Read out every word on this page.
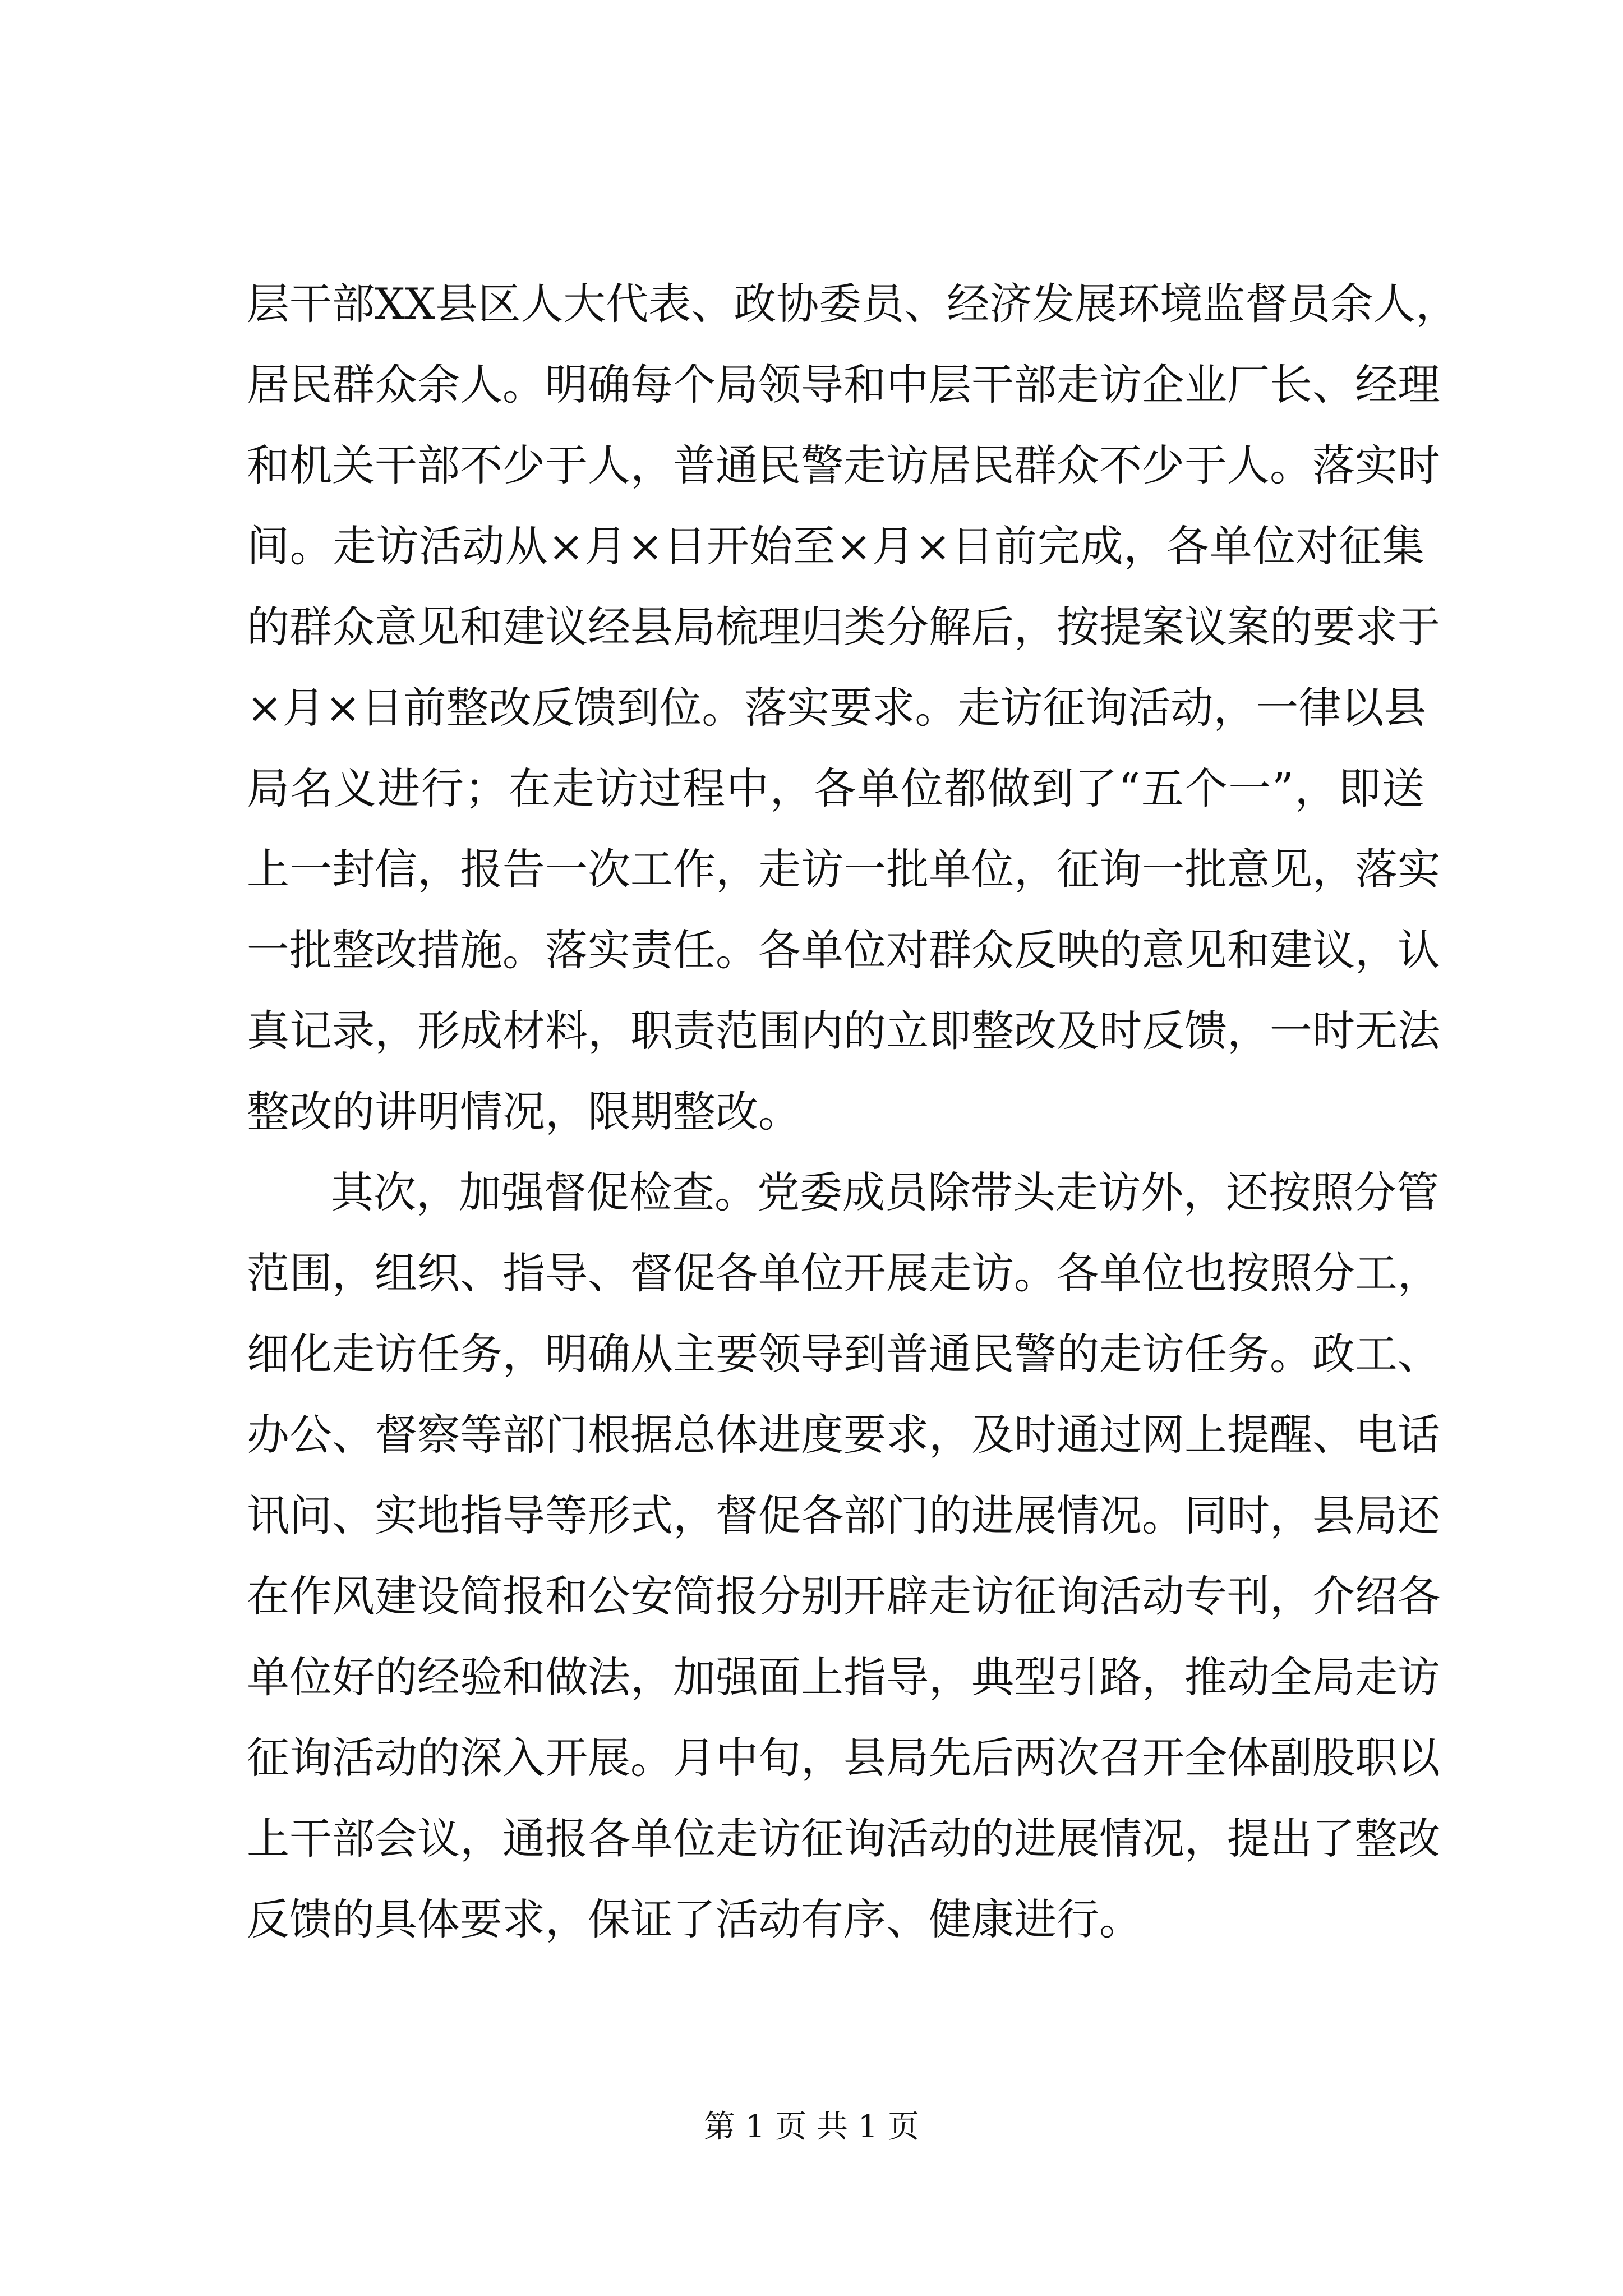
层干部XX县区人大代表、政协委员、经济发展环境监督员余人，
居民群众余人。明确每个局领导和中层干部走访企业厂长、经理
和机关干部不少于人，普通民警走访居民群众不少于人。落实时
间。走访活动从×月×日开始至×月×日前完成，各单位对征集
的群众意见和建议经县局梳理归类分解后，按提案议案的要求于
×月×日前整改反馈到位。落实要求。走访征询活动，一律以县
局名义进行；在走访过程中，各单位都做到了“五个一”，即送
上一封信，报告一次工作，走访一批单位，征询一批意见，落实
一批整改措施。落实责任。各单位对群众反映的意见和建议，认
真记录，形成材料，职责范围内的立即整改及时反馈，一时无法
整改的讲明情况，限期整改。

其次，加强督促检查。党委成员除带头走访外，还按照分管
范围，组织、指导、督促各单位开展走访。各单位也按照分工，
细化走访任务，明确从主要领导到普通民警的走访任务。政工、
办公、督察等部门根据总体进度要求，及时通过网上提醒、电话
讯问、实地指导等形式，督促各部门的进展情况。同时，县局还
在作风建设简报和公安简报分别开辟走访征询活动专刊，介绍各
单位好的经验和做法，加强面上指导，典型引路，推动全局走访
征询活动的深入开展。月中旬，县局先后两次召开全体副股职以
上干部会议，通报各单位走访征询活动的进展情况，提出了整改
反馈的具体要求，保证了活动有序、健康进行。

第 1 页 共 1 页
